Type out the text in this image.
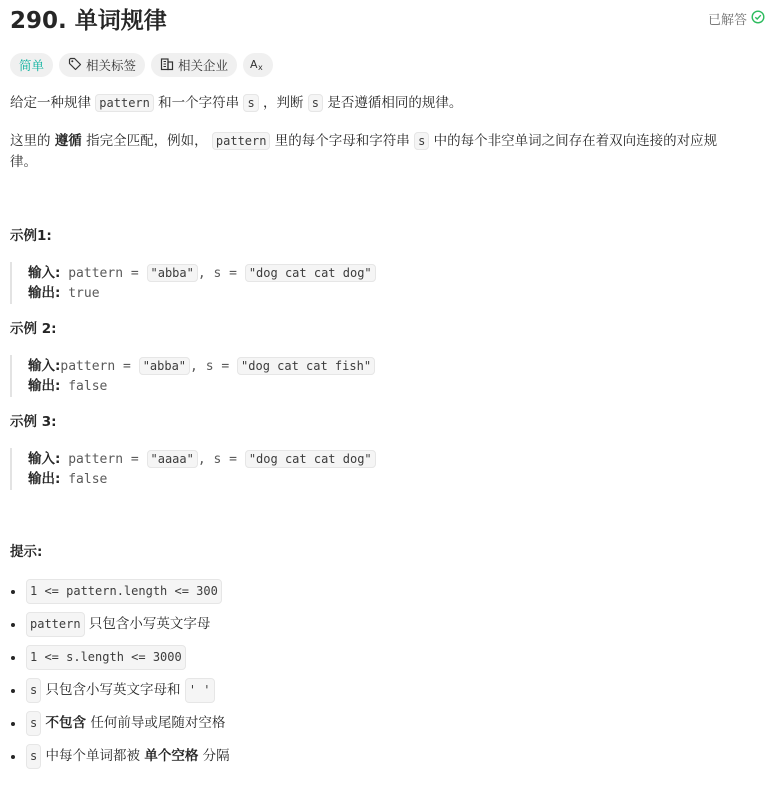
290. 单词规律	已解答
简单	相关标签	相关企业 A x
给定一种规律 pattern 和一个字符串 s ，判断 s 是否遵循相同的规律。
这里的 遵循 指完全匹配，例如， pattern 里的每个字母和字符串 s 中的每个非空单词之间存在着双向连接的对应规
律。
示例1:
输入: pattern = "abba" , s = "dog cat cat dog"
输出: true
示例 2:
输入:pattern = "abba" , s = "dog cat cat fish"
输出: false
示例 3:
输入: pattern = "aaaa" , s = "dog cat cat dog"
输出: false
提示:
1 <= pattern.length <= 300
pattern
只包含小写英文字母
1 <= s.length <= 3000
s
只包含小写英文字母和
' '
s
不包含
任何前导或尾随对空格
s
中每个单词都被
单个空格
分隔
